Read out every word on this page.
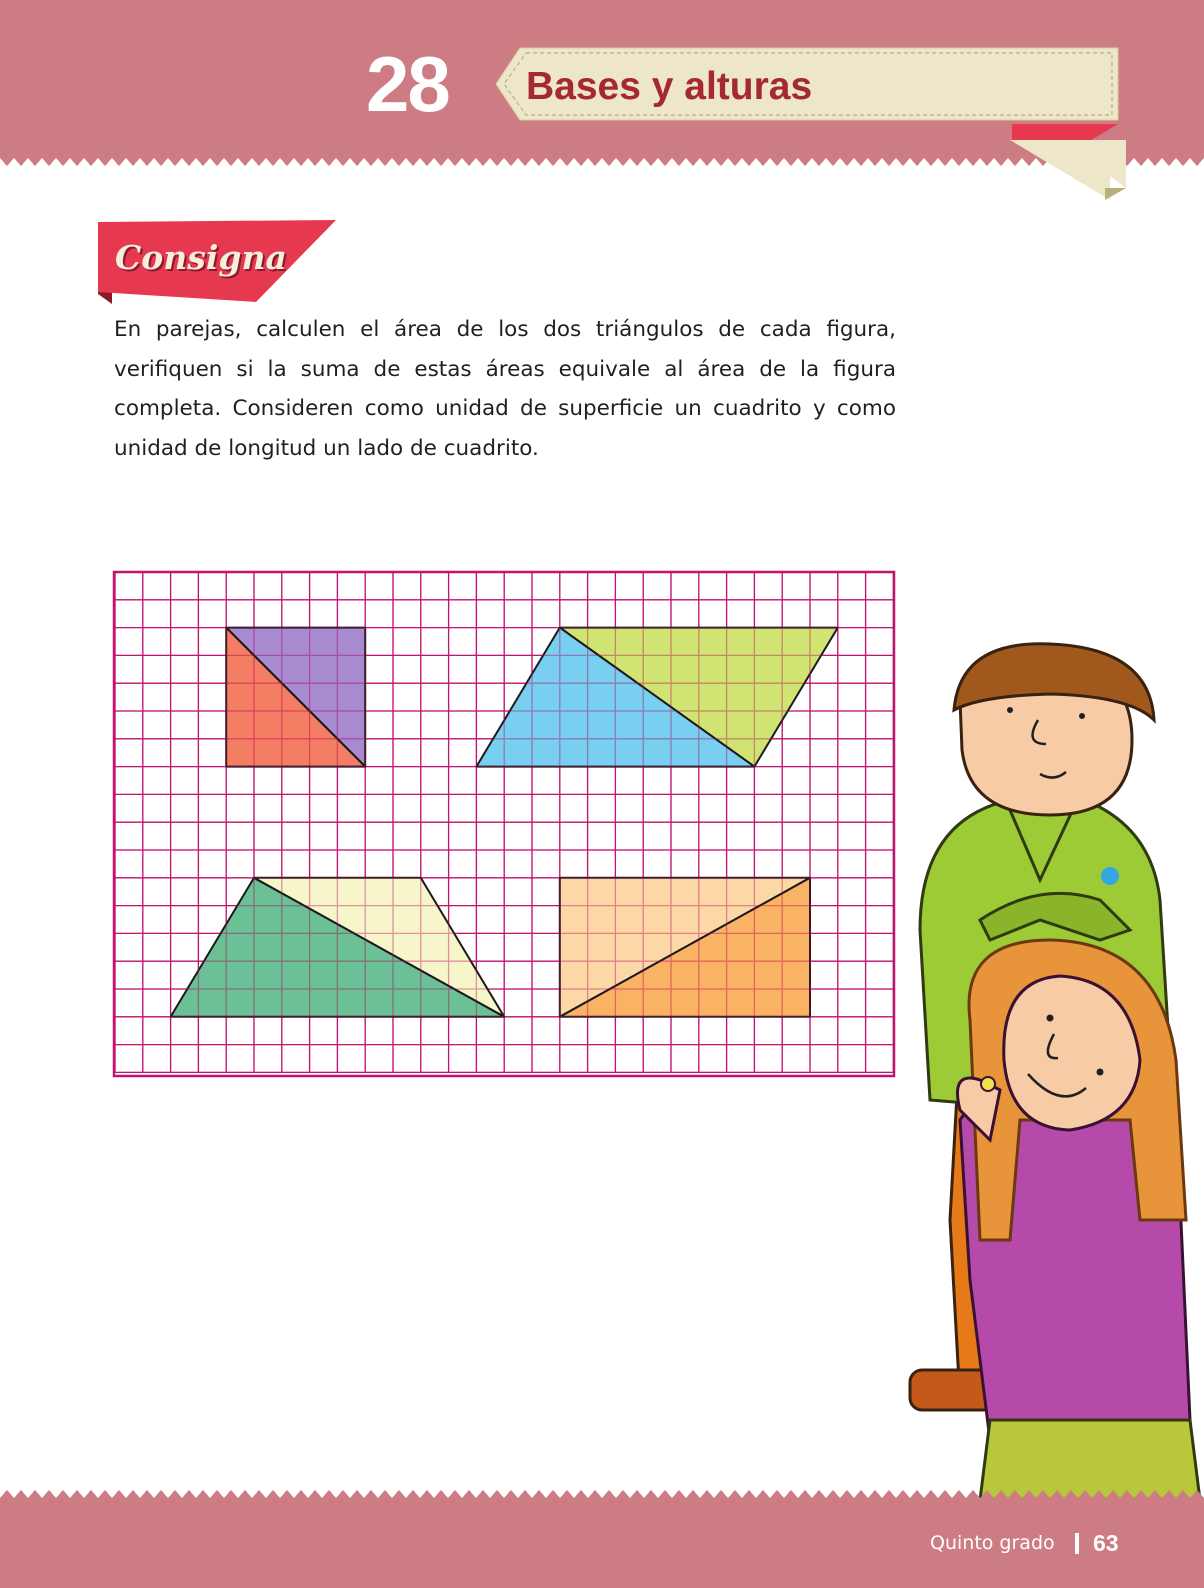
28	Bases y alturas
Consigna

En parejas, calculen el área de los dos triángulos de cada figura, verifiquen si la suma de estas áreas equivale al área de la figura completa. Consideren como unidad de superficie un cuadrito y como unidad de longitud un lado de cuadrito.

Quinto grado 63
